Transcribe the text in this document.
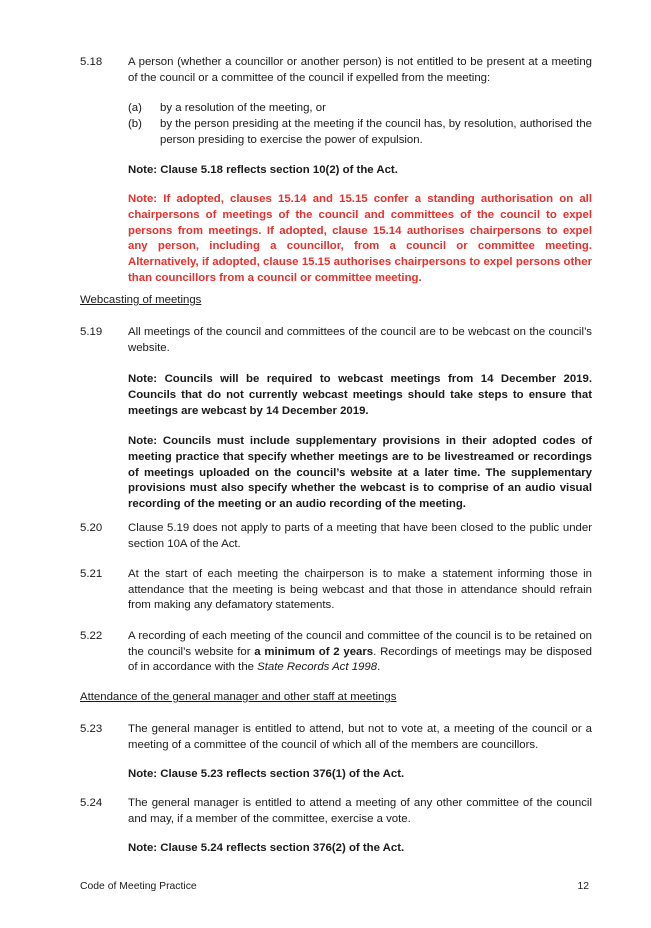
5.18	A person (whether a councillor or another person) is not entitled to be present at a meeting of the council or a committee of the council if expelled from the meeting:
(a) by a resolution of the meeting, or
(b) by the person presiding at the meeting if the council has, by resolution, authorised the person presiding to exercise the power of expulsion.
Note: Clause 5.18 reflects section 10(2) of the Act.
Note: If adopted, clauses 15.14 and 15.15 confer a standing authorisation on all chairpersons of meetings of the council and committees of the council to expel persons from meetings. If adopted, clause 15.14 authorises chairpersons to expel any person, including a councillor, from a council or committee meeting. Alternatively, if adopted, clause 15.15 authorises chairpersons to expel persons other than councillors from a council or committee meeting.
Webcasting of meetings
5.19	All meetings of the council and committees of the council are to be webcast on the council’s website.
Note: Councils will be required to webcast meetings from 14 December 2019. Councils that do not currently webcast meetings should take steps to ensure that meetings are webcast by 14 December 2019.
Note: Councils must include supplementary provisions in their adopted codes of meeting practice that specify whether meetings are to be livestreamed or recordings of meetings uploaded on the council’s website at a later time. The supplementary provisions must also specify whether the webcast is to comprise of an audio visual recording of the meeting or an audio recording of the meeting.
5.20	Clause 5.19 does not apply to parts of a meeting that have been closed to the public under section 10A of the Act.
5.21	At the start of each meeting the chairperson is to make a statement informing those in attendance that the meeting is being webcast and that those in attendance should refrain from making any defamatory statements.
5.22	A recording of each meeting of the council and committee of the council is to be retained on the council’s website for a minimum of 2 years. Recordings of meetings may be disposed of in accordance with the State Records Act 1998.
Attendance of the general manager and other staff at meetings
5.23	The general manager is entitled to attend, but not to vote at, a meeting of the council or a meeting of a committee of the council of which all of the members are councillors.
Note: Clause 5.23 reflects section 376(1) of the Act.
5.24	The general manager is entitled to attend a meeting of any other committee of the council and may, if a member of the committee, exercise a vote.
Note: Clause 5.24 reflects section 376(2) of the Act.
Code of Meeting Practice	12
